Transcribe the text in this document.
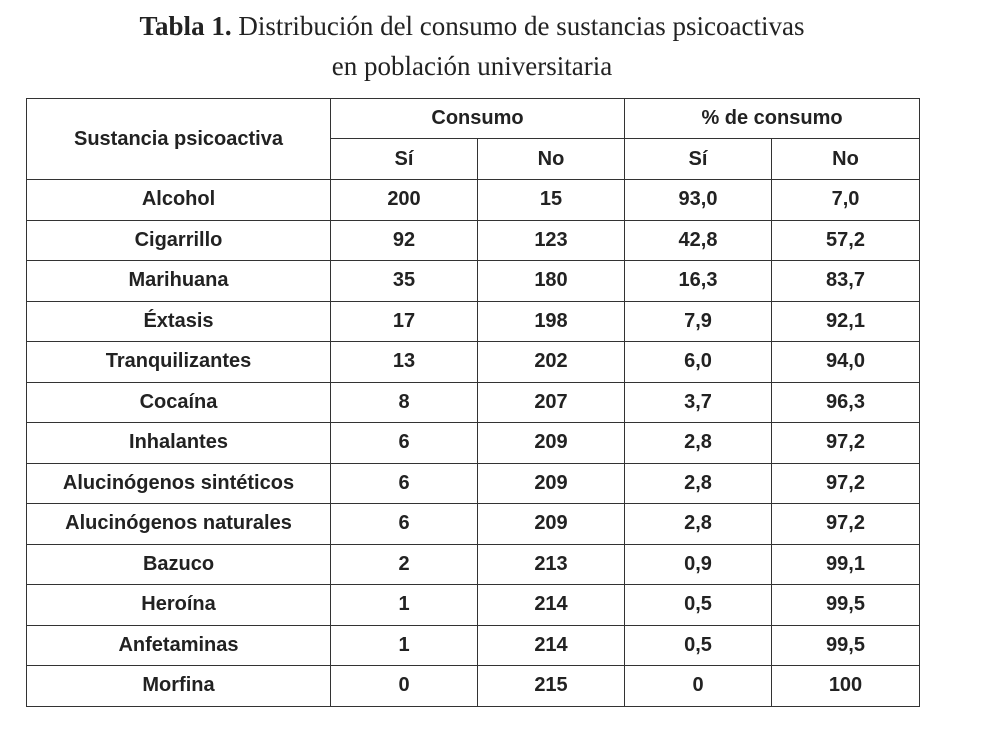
Tabla 1. Distribución del consumo de sustancias psicoactivas
en población universitaria
Sustancia psicoactiva	Consumo		% de consumo	
	Sí	No	Sí	No
Alcohol	200	15	93,0	7,0
Cigarrillo	92	123	42,8	57,2
Marihuana	35	180	16,3	83,7
Éxtasis	17	198	7,9	92,1
Tranquilizantes	13	202	6,0	94,0
Cocaína	8	207	3,7	96,3
Inhalantes	6	209	2,8	97,2
Alucinógenos sintéticos	6	209	2,8	97,2
Alucinógenos naturales	6	209	2,8	97,2
Bazuco	2	213	0,9	99,1
Heroína	1	214	0,5	99,5
Anfetaminas	1	214	0,5	99,5
Morfina	0	215	0	100
